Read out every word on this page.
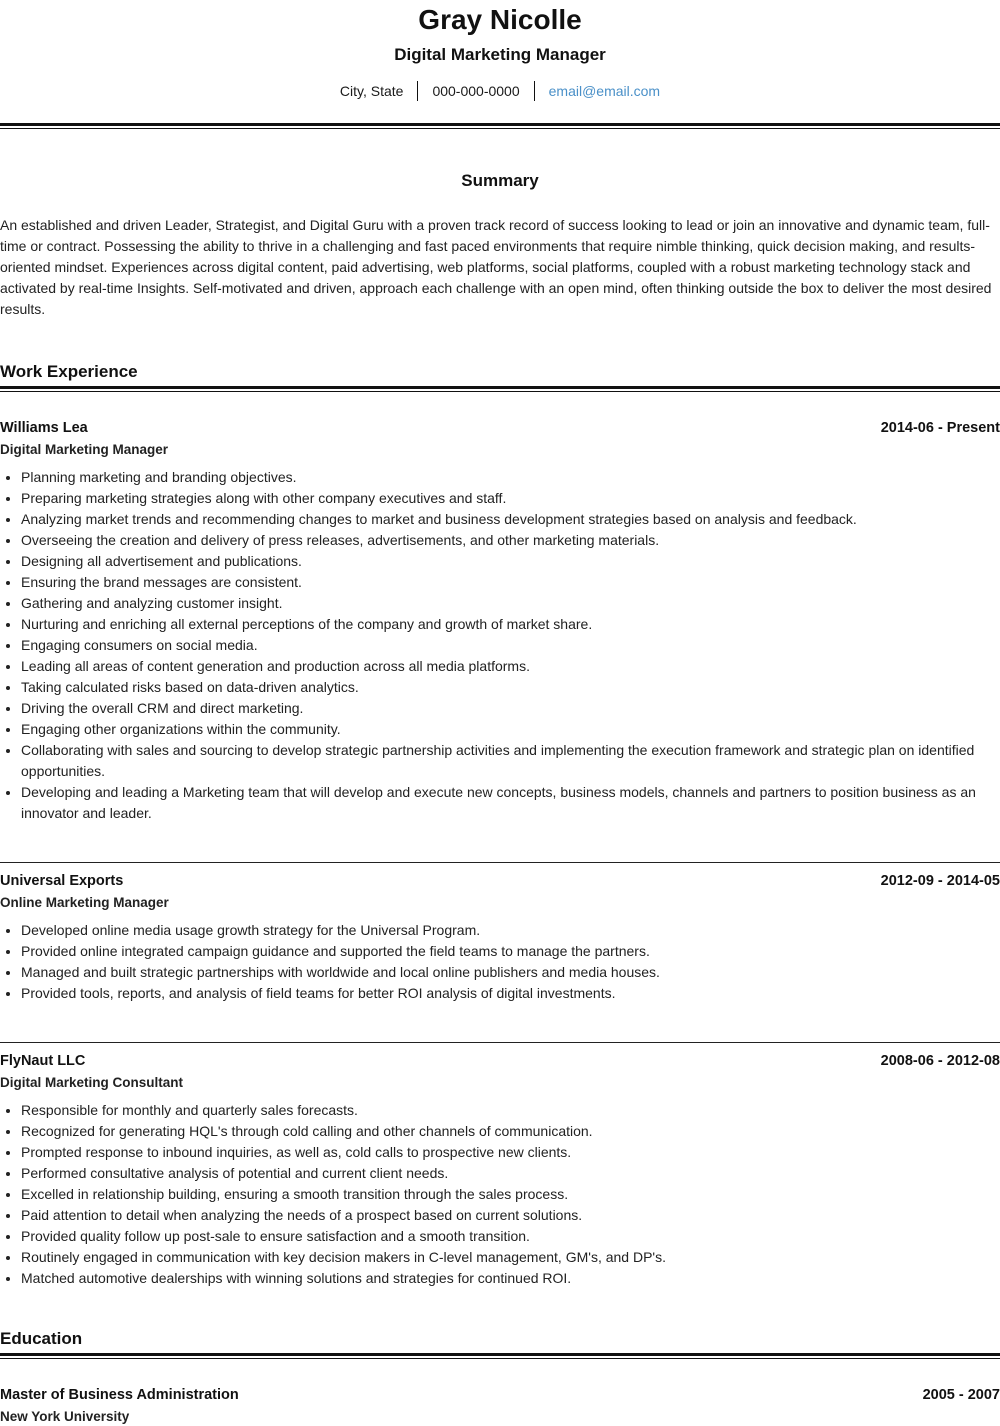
Gray Nicolle
Digital Marketing Manager
City, State	000-000-0000	email@email.com
Summary
An established and driven Leader, Strategist, and Digital Guru with a proven track record of success looking to lead or join an innovative and dynamic team, full-time or contract. Possessing the ability to thrive in a challenging and fast paced environments that require nimble thinking, quick decision making, and results-oriented mindset. Experiences across digital content, paid advertising, web platforms, social platforms, coupled with a robust marketing technology stack and activated by real-time Insights. Self-motivated and driven, approach each challenge with an open mind, often thinking outside the box to deliver the most desired results.
Work Experience
Williams Lea	2014-06 - Present
Digital Marketing Manager
• Planning marketing and branding objectives.
• Preparing marketing strategies along with other company executives and staff.
• Analyzing market trends and recommending changes to market and business development strategies based on analysis and feedback.
• Overseeing the creation and delivery of press releases, advertisements, and other marketing materials.
• Designing all advertisement and publications.
• Ensuring the brand messages are consistent.
• Gathering and analyzing customer insight.
• Nurturing and enriching all external perceptions of the company and growth of market share.
• Engaging consumers on social media.
• Leading all areas of content generation and production across all media platforms.
• Taking calculated risks based on data-driven analytics.
• Driving the overall CRM and direct marketing.
• Engaging other organizations within the community.
• Collaborating with sales and sourcing to develop strategic partnership activities and implementing the execution framework and strategic plan on identified opportunities.
• Developing and leading a Marketing team that will develop and execute new concepts, business models, channels and partners to position business as an innovator and leader.
Universal Exports	2012-09 - 2014-05
Online Marketing Manager
• Developed online media usage growth strategy for the Universal Program.
• Provided online integrated campaign guidance and supported the field teams to manage the partners.
• Managed and built strategic partnerships with worldwide and local online publishers and media houses.
• Provided tools, reports, and analysis of field teams for better ROI analysis of digital investments.
FlyNaut LLC	2008-06 - 2012-08
Digital Marketing Consultant
• Responsible for monthly and quarterly sales forecasts.
• Recognized for generating HQL's through cold calling and other channels of communication.
• Prompted response to inbound inquiries, as well as, cold calls to prospective new clients.
• Performed consultative analysis of potential and current client needs.
• Excelled in relationship building, ensuring a smooth transition through the sales process.
• Paid attention to detail when analyzing the needs of a prospect based on current solutions.
• Provided quality follow up post-sale to ensure satisfaction and a smooth transition.
• Routinely engaged in communication with key decision makers in C-level management, GM's, and DP's.
• Matched automotive dealerships with winning solutions and strategies for continued ROI.
Education
Master of Business Administration	2005 - 2007
New York University
